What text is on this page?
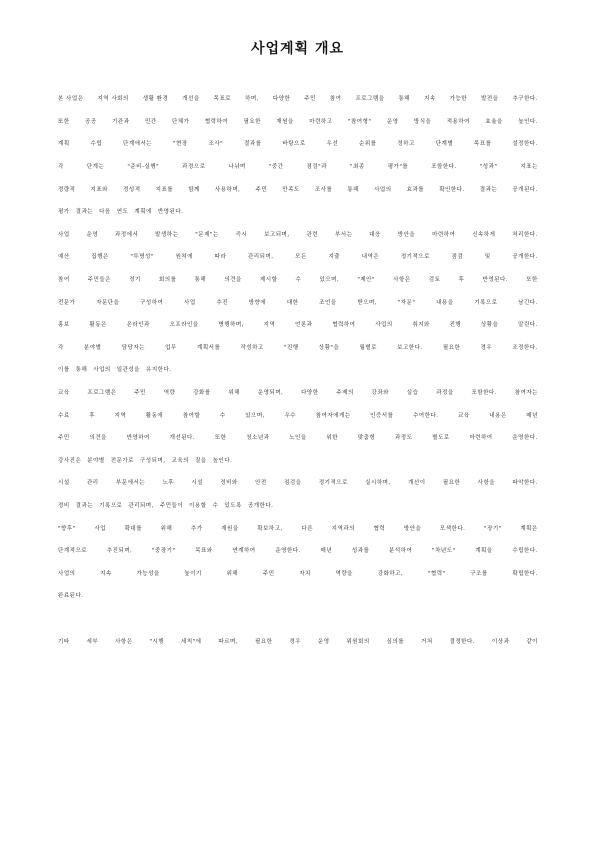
사업계획 개요
본 사업은	지역 사회의	생활 환경	개선을	목표로	하며,	다양한	주민	참여	프로그램을	통해	지속	가능한	발전을	추구한다.
또한	공공	기관과	민간	단체가	협력하여	필요한	재원을	마련하고	"참여형"	운영	방식을	적용하여	효율을	높인다.
계획	수립	단계에서는	"현장	조사"	결과를	바탕으로	우선	순위를	정하고	단계별	목표를	설정한다.
각	단계는	"준비-실행"	과정으로	나뉘며	"중간	점검"과	"최종	평가"를	포함한다.	"성과"	지표는
정량적	지표와	정성적	지표를	함께	사용하며,	주민	만족도	조사를	통해	사업의	효과를	확인한다.	결과는	공개된다.
평가 결과는 다음 연도 계획에 반영된다.
사업	운영	과정에서	발생하는	"문제"는	즉시	보고되며,	관련	부서는	대응	방안을	마련하여	신속하게	처리한다.
예산	집행은	"투명성"	원칙에	따라	관리되며,	모든	지출	내역은	정기적으로	점검	및	공개한다.
참여	주민들은	정기	회의를	통해	의견을	제시할	수	있으며,	"제안"	사항은	검토	후	반영된다.	또한
전문가	자문단을	구성하여	사업	추진	방향에	대한	조언을	받으며,	"자문"	내용을	기록으로	남긴다.
홍보	활동은	온라인과	오프라인을	병행하며,	지역	언론과	협력하여	사업의	취지와	진행	상황을	알린다.
각	분야별	담당자는	업무	계획서를	작성하고	"진행	상황"을	월별로	보고한다.	필요한	경우	조정한다.
이를 통해 사업의 일관성을 유지한다.
교육	프로그램은	주민	역량	강화를	위해	운영되며,	다양한	주제의	강좌와	실습	과정을	포함한다.	참여자는
수료	후	지역	활동에	참여할	수	있으며,	우수	참여자에게는	인증서를	수여한다.	교육	내용은	매년
주민	의견을	반영하여	개선된다.	또한	청소년과	노인을	위한	맞춤형	과정도	별도로	마련하여	운영한다.
강사진은 분야별 전문가로 구성되며, 교육의 질을 높인다.
시설	관리	부문에서는	노후	시설	정비와	안전	점검을	정기적으로	실시하며,	개선이	필요한	사항을	파악한다.
정비 결과는 기록으로 관리되며, 주민들이 이용할 수 있도록 공개한다.
"향후"	사업	확대를	위해	추가	재원을	확보하고,	다른	지역과의	협력	방안을	모색한다.	"장기"	계획은
단계적으로	추진되며,	"중장기"	목표와	연계하여	운영한다.	매년	성과를	분석하여	"차년도"	계획을	수립한다.
사업의	지속	가능성을	높이기	위해	주민	자치	역량을	강화하고,	"협력"	구조를	확립한다.
완료된다.
기타	세부	사항은	"시행	세칙"에	따르며,	필요한	경우	운영	위원회의	심의를	거쳐	결정한다.	이상과	같이
